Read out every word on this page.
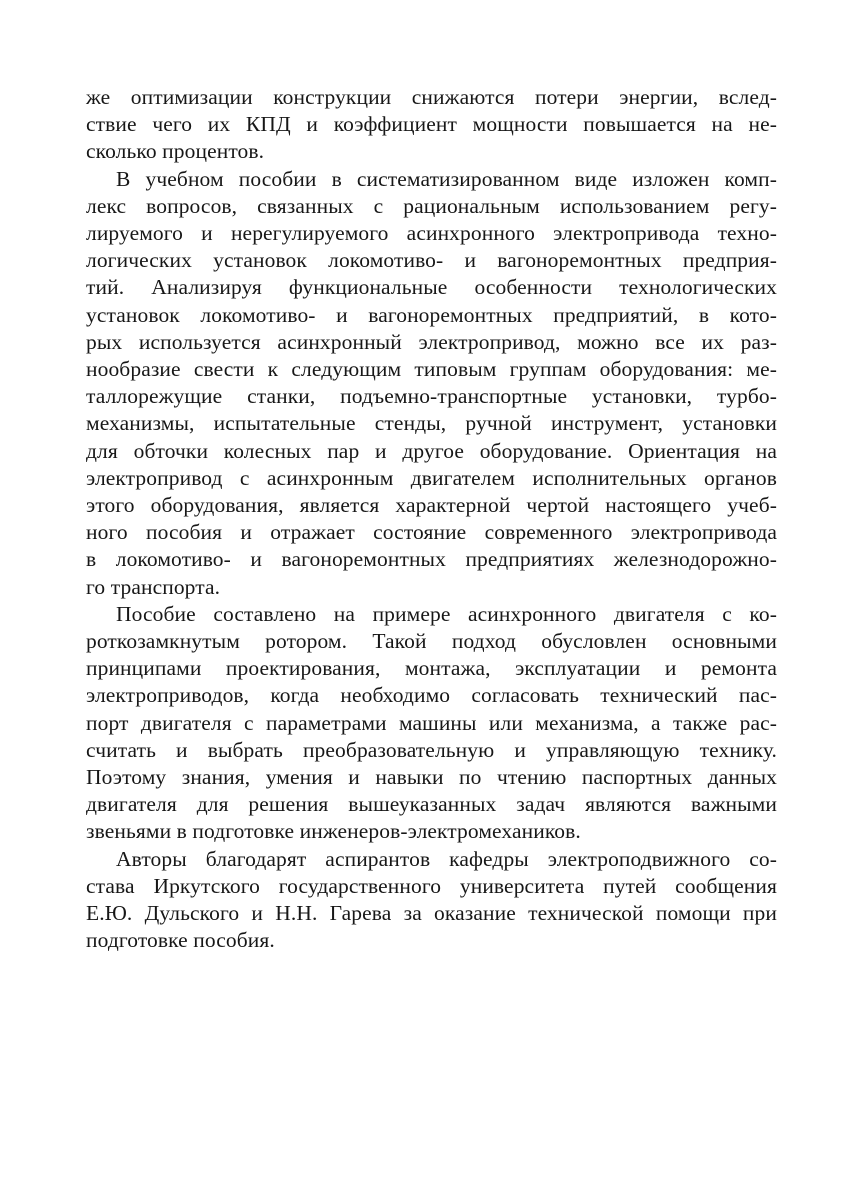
же оптимизации конструкции снижаются потери энергии, вслед-
ствие чего их КПД и коэффициент мощности повышается на не-
сколько процентов.
В учебном пособии в систематизированном виде изложен комп-
лекс вопросов, связанных с рациональным использованием регу-
лируемого и нерегулируемого асинхронного электропривода техно-
логических установок локомотиво- и вагоноремонтных предприя-
тий. Анализируя функциональные особенности технологических
установок локомотиво- и вагоноремонтных предприятий, в кото-
рых используется асинхронный электропривод, можно все их раз-
нообразие свести к следующим типовым группам оборудования: ме-
таллорежущие станки, подъемно-транспортные установки, турбо-
механизмы, испытательные стенды, ручной инструмент, установки
для обточки колесных пар и другое оборудование. Ориентация на
электропривод с асинхронным двигателем исполнительных органов
этого оборудования, является характерной чертой настоящего учеб-
ного пособия и отражает состояние современного электропривода
в локомотиво- и вагоноремонтных предприятиях железнодорожно-
го транспорта.
Пособие составлено на примере асинхронного двигателя с ко-
роткозамкнутым ротором. Такой подход обусловлен основными
принципами проектирования, монтажа, эксплуатации и ремонта
электроприводов, когда необходимо согласовать технический пас-
порт двигателя с параметрами машины или механизма, а также рас-
считать и выбрать преобразовательную и управляющую технику.
Поэтому знания, умения и навыки по чтению паспортных данных
двигателя для решения вышеуказанных задач являются важными
звеньями в подготовке инженеров-электромехаников.
Авторы благодарят аспирантов кафедры электроподвижного со-
става Иркутского государственного университета путей сообщения
Е.Ю. Дульского и Н.Н. Гарева за оказание технической помощи при
подготовке пособия.
